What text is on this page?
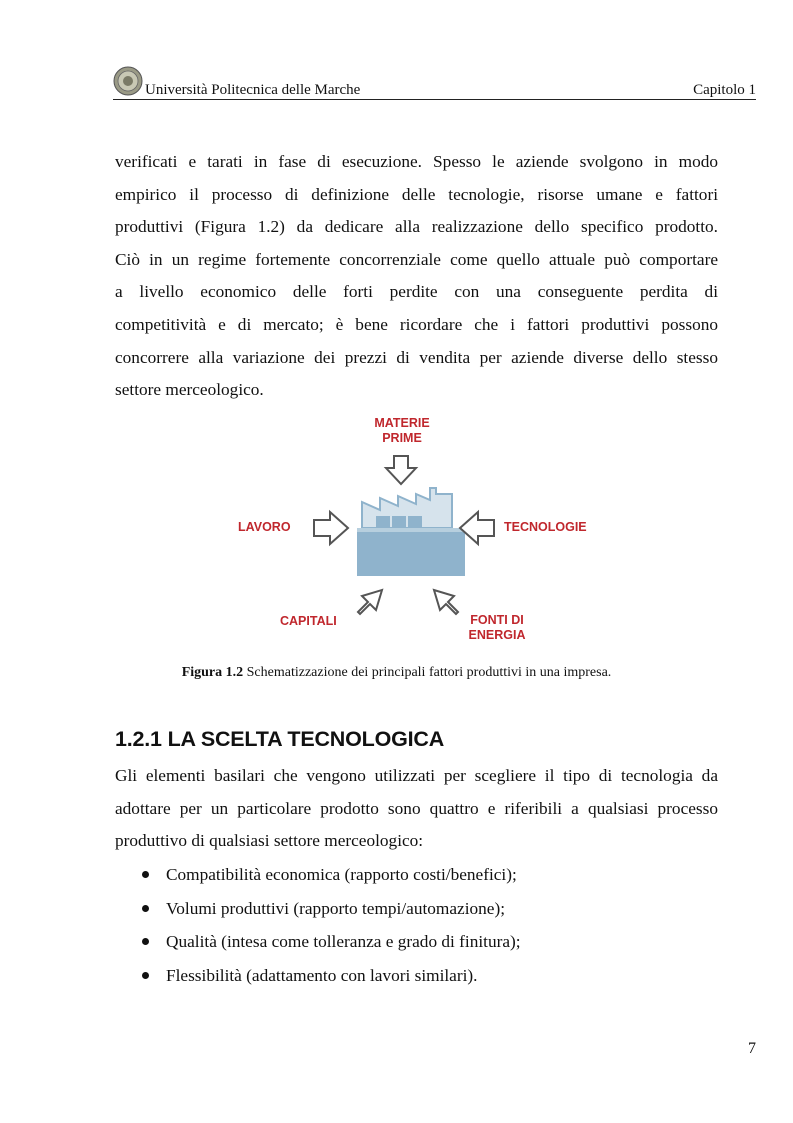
Università Politecnica delle Marche	Capitolo 1
verificati e tarati in fase di esecuzione. Spesso le aziende svolgono in modo
empirico il processo di definizione delle tecnologie, risorse umane e fattori
produttivi (Figura 1.2) da dedicare alla realizzazione dello specifico prodotto.
Ciò in un regime fortemente concorrenziale come quello attuale può comportare
a livello economico delle forti perdite con una conseguente perdita di
competitività e di mercato; è bene ricordare che i fattori produttivi possono
concorrere alla variazione dei prezzi di vendita per aziende diverse dello stesso
settore merceologico.
MATERIE
PRIME
LAVORO	TECNOLOGIE
CAPITALI	FONTI DI
ENERGIA
Figura 1.2 Schematizzazione dei principali fattori produttivi in una impresa.
1.2.1 LA SCELTA TECNOLOGICA
Gli elementi basilari che vengono utilizzati per scegliere il tipo di tecnologia da
adottare per un particolare prodotto sono quattro e riferibili a qualsiasi processo
produttivo di qualsiasi settore merceologico:
Compatibilità economica (rapporto costi/benefici);
Volumi produttivi (rapporto tempi/automazione);
Qualità (intesa come tolleranza e grado di finitura);
Flessibilità (adattamento con lavori similari).
7
